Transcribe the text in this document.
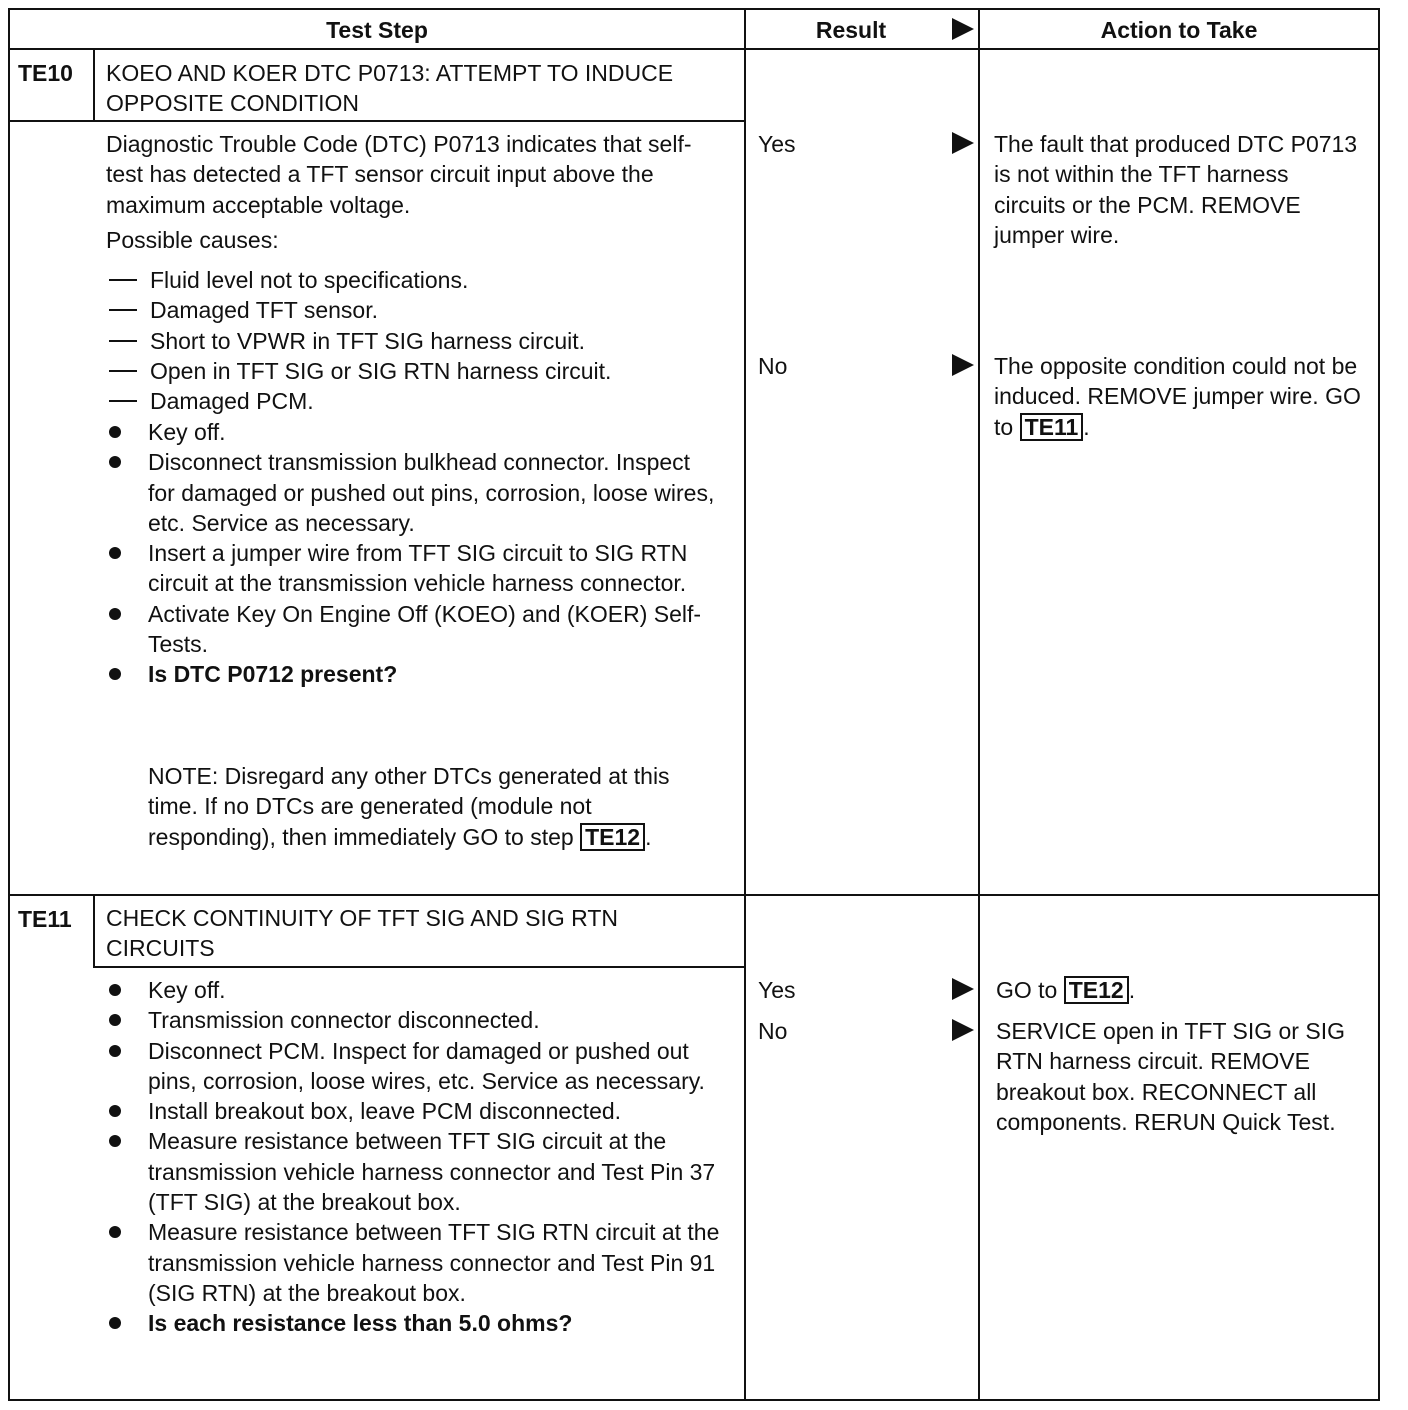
Test Step	Result	Action to Take
TE10 KOEO AND KOER DTC P0713: ATTEMPT TO INDUCE OPPOSITE CONDITION
Diagnostic Trouble Code (DTC) P0713 indicates that self-test has detected a TFT sensor circuit input above the maximum acceptable voltage.
Possible causes:
Fluid level not to specifications.
Damaged TFT sensor.
Short to VPWR in TFT SIG harness circuit.
Open in TFT SIG or SIG RTN harness circuit.
Damaged PCM.
Key off.
Disconnect transmission bulkhead connector. Inspect for damaged or pushed out pins, corrosion, loose wires, etc. Service as necessary.
Insert a jumper wire from TFT SIG circuit to SIG RTN circuit at the transmission vehicle harness connector.
Activate Key On Engine Off (KOEO) and (KOER) Self-Tests.
Is DTC P0712 present?
NOTE: Disregard any other DTCs generated at this time. If no DTCs are generated (module not responding), then immediately GO to step TE12 .
Yes	The fault that produced DTC P0713 is not within the TFT harness circuits or the PCM. REMOVE jumper wire.
No	The opposite condition could not be induced. REMOVE jumper wire. GO to TE11 .
TE11 CHECK CONTINUITY OF TFT SIG AND SIG RTN CIRCUITS
Key off.
Transmission connector disconnected.
Disconnect PCM. Inspect for damaged or pushed out pins, corrosion, loose wires, etc. Service as necessary.
Install breakout box, leave PCM disconnected.
Measure resistance between TFT SIG circuit at the transmission vehicle harness connector and Test Pin 37 (TFT SIG) at the breakout box.
Measure resistance between TFT SIG RTN circuit at the transmission vehicle harness connector and Test Pin 91 (SIG RTN) at the breakout box.
Is each resistance less than 5.0 ohms?
Yes	GO to TE12 .
No	SERVICE open in TFT SIG or SIG RTN harness circuit. REMOVE breakout box. RECONNECT all components. RERUN Quick Test.
